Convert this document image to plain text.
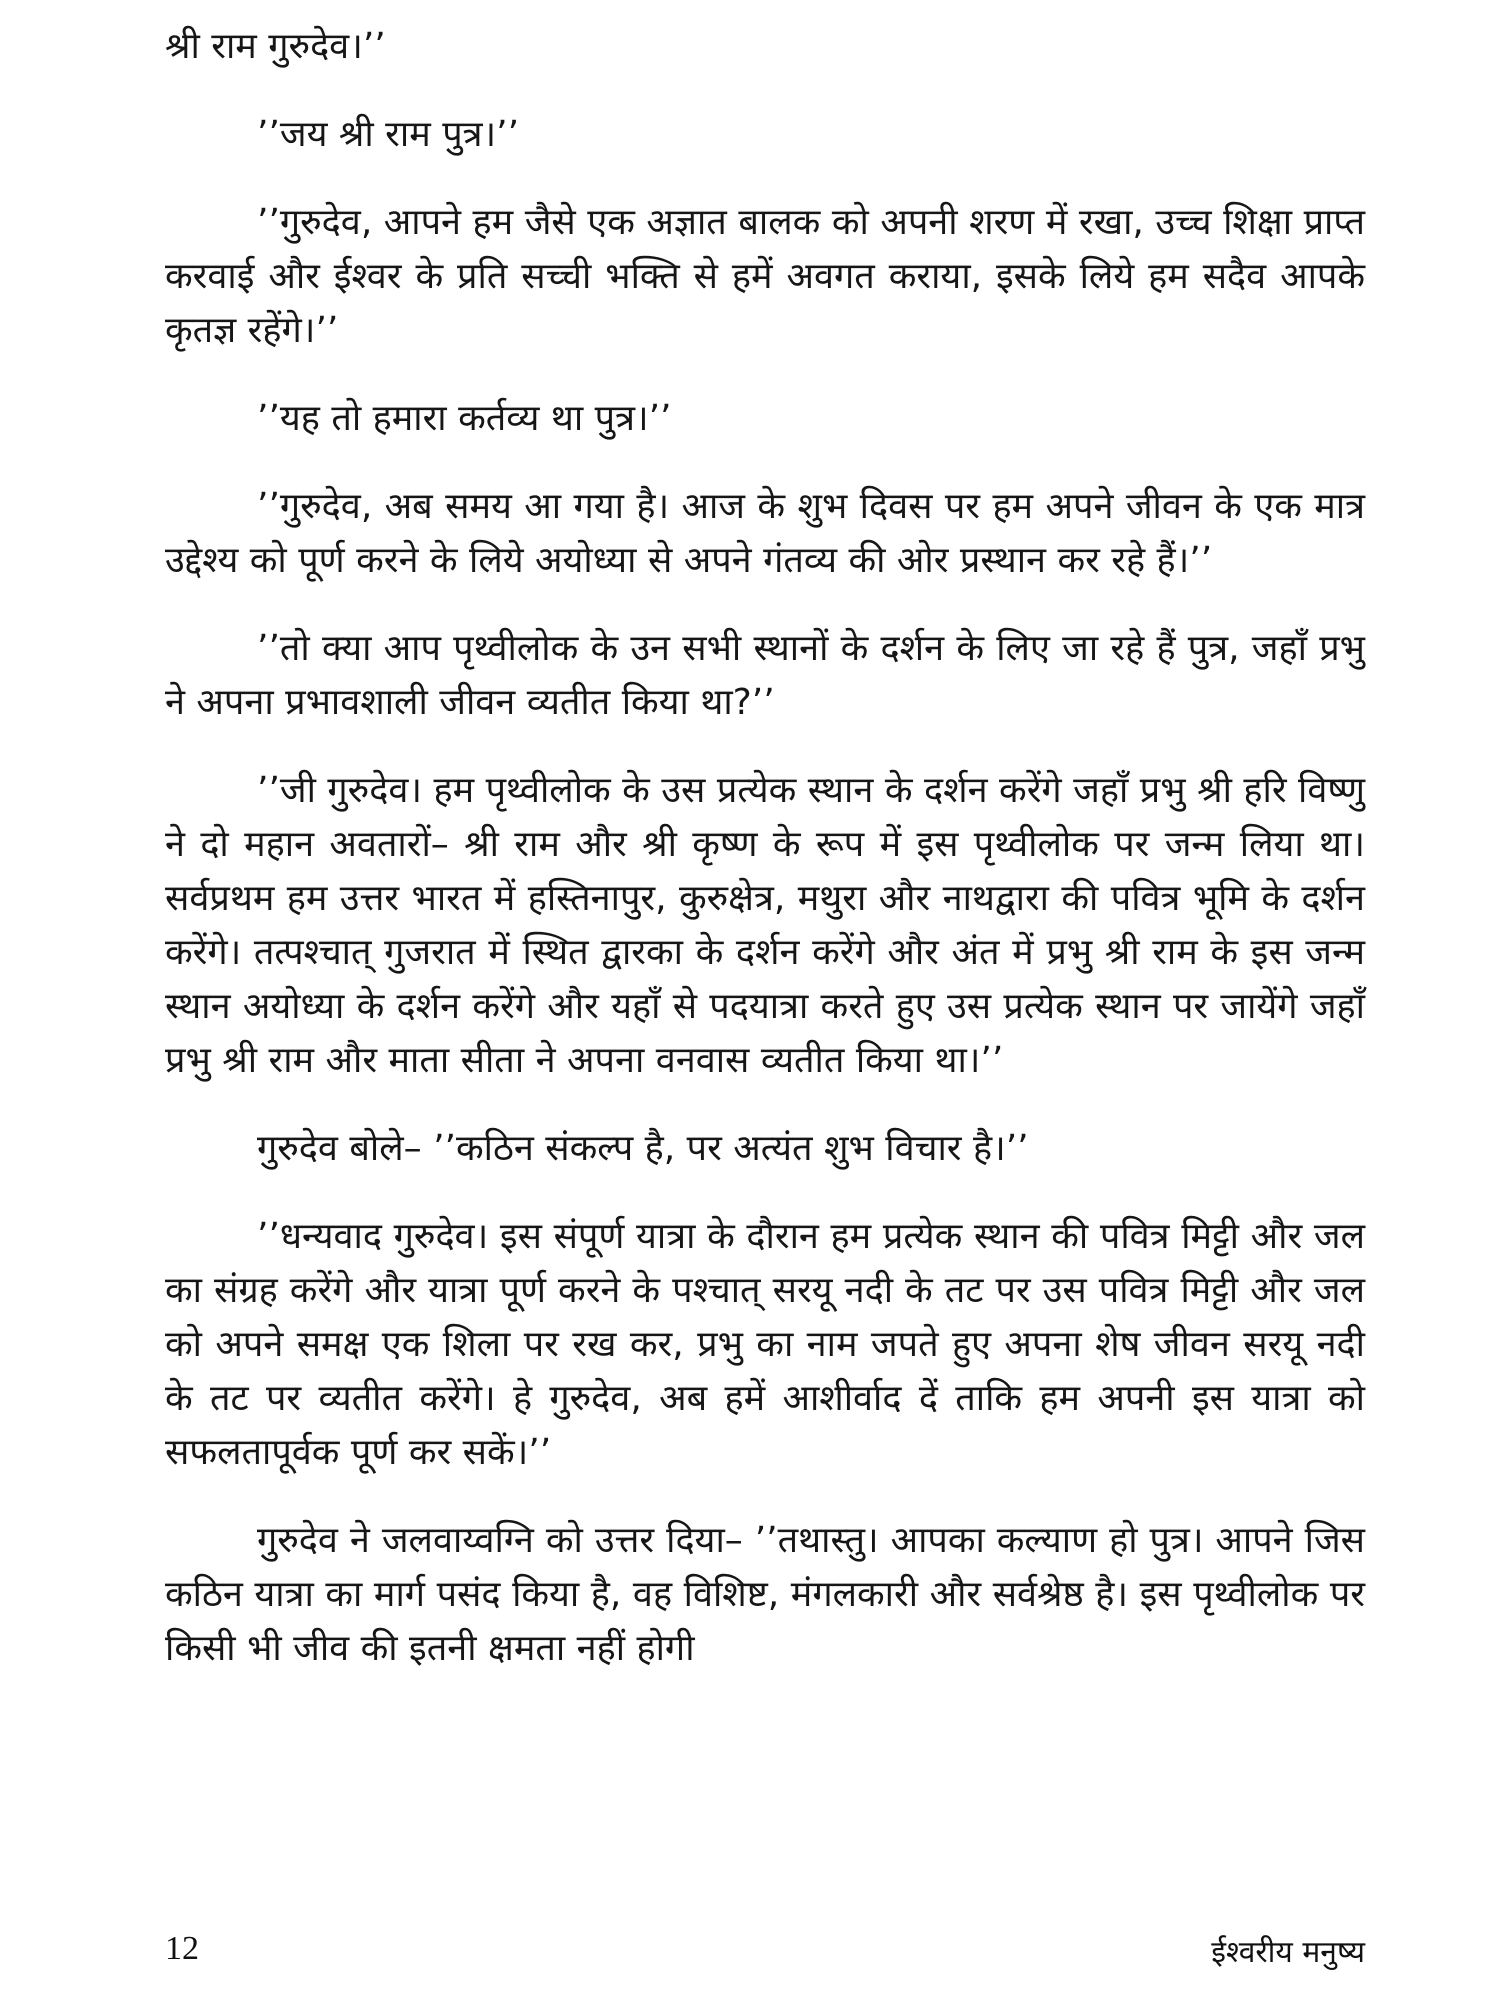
श्री राम गुरुदेव।’’

’’जय श्री राम पुत्र।’’

’’गुरुदेव, आपने हम जैसे एक अज्ञात बालक को अपनी शरण में रखा, उच्च शिक्षा प्राप्त करवाई और ईश्वर के प्रति सच्ची भक्ति से हमें अवगत कराया, इसके लिये हम सदैव आपके कृतज्ञ रहेंगे।’’

’’यह तो हमारा कर्तव्य था पुत्र।’’

’’गुरुदेव, अब समय आ गया है। आज के शुभ दिवस पर हम अपने जीवन के एक मात्र उद्देश्य को पूर्ण करने के लिये अयोध्या से अपने गंतव्य की ओर प्रस्थान कर रहे हैं।’’

’’तो क्या आप पृथ्वीलोक के उन सभी स्थानों के दर्शन के लिए जा रहे हैं पुत्र, जहाँ प्रभु ने अपना प्रभावशाली जीवन व्यतीत किया था?’’

’’जी गुरुदेव। हम पृथ्वीलोक के उस प्रत्येक स्थान के दर्शन करेंगे जहाँ प्रभु श्री हरि विष्णु ने दो महान अवतारों– श्री राम और श्री कृष्ण के रूप में इस पृथ्वीलोक पर जन्म लिया था। सर्वप्रथम हम उत्तर भारत में हस्तिनापुर, कुरुक्षेत्र, मथुरा और नाथद्वारा की पवित्र भूमि के दर्शन करेंगे। तत्पश्चात् गुजरात में स्थित द्वारका के दर्शन करेंगे और अंत में प्रभु श्री राम के इस जन्म स्थान अयोध्या के दर्शन करेंगे और यहाँ से पदयात्रा करते हुए उस प्रत्येक स्थान पर जायेंगे जहाँ प्रभु श्री राम और माता सीता ने अपना वनवास व्यतीत किया था।’’

गुरुदेव बोले– ’’कठिन संकल्प है, पर अत्यंत शुभ विचार है।’’

’’धन्यवाद गुरुदेव। इस संपूर्ण यात्रा के दौरान हम प्रत्येक स्थान की पवित्र मिट्टी और जल का संग्रह करेंगे और यात्रा पूर्ण करने के पश्चात् सरयू नदी के तट पर उस पवित्र मिट्टी और जल को अपने समक्ष एक शिला पर रख कर, प्रभु का नाम जपते हुए अपना शेष जीवन सरयू नदी के तट पर व्यतीत करेंगे। हे गुरुदेव, अब हमें आशीर्वाद दें ताकि हम अपनी इस यात्रा को सफलतापूर्वक पूर्ण कर सकें।’’

गुरुदेव ने जलवाय्वग्नि को उत्तर दिया– ’’तथास्तु। आपका कल्याण हो पुत्र। आपने जिस कठिन यात्रा का मार्ग पसंद किया है, वह विशिष्ट, मंगलकारी और सर्वश्रेष्ठ है। इस पृथ्वीलोक पर किसी भी जीव की इतनी क्षमता नहीं होगी

12	ईश्वरीय मनुष्य
